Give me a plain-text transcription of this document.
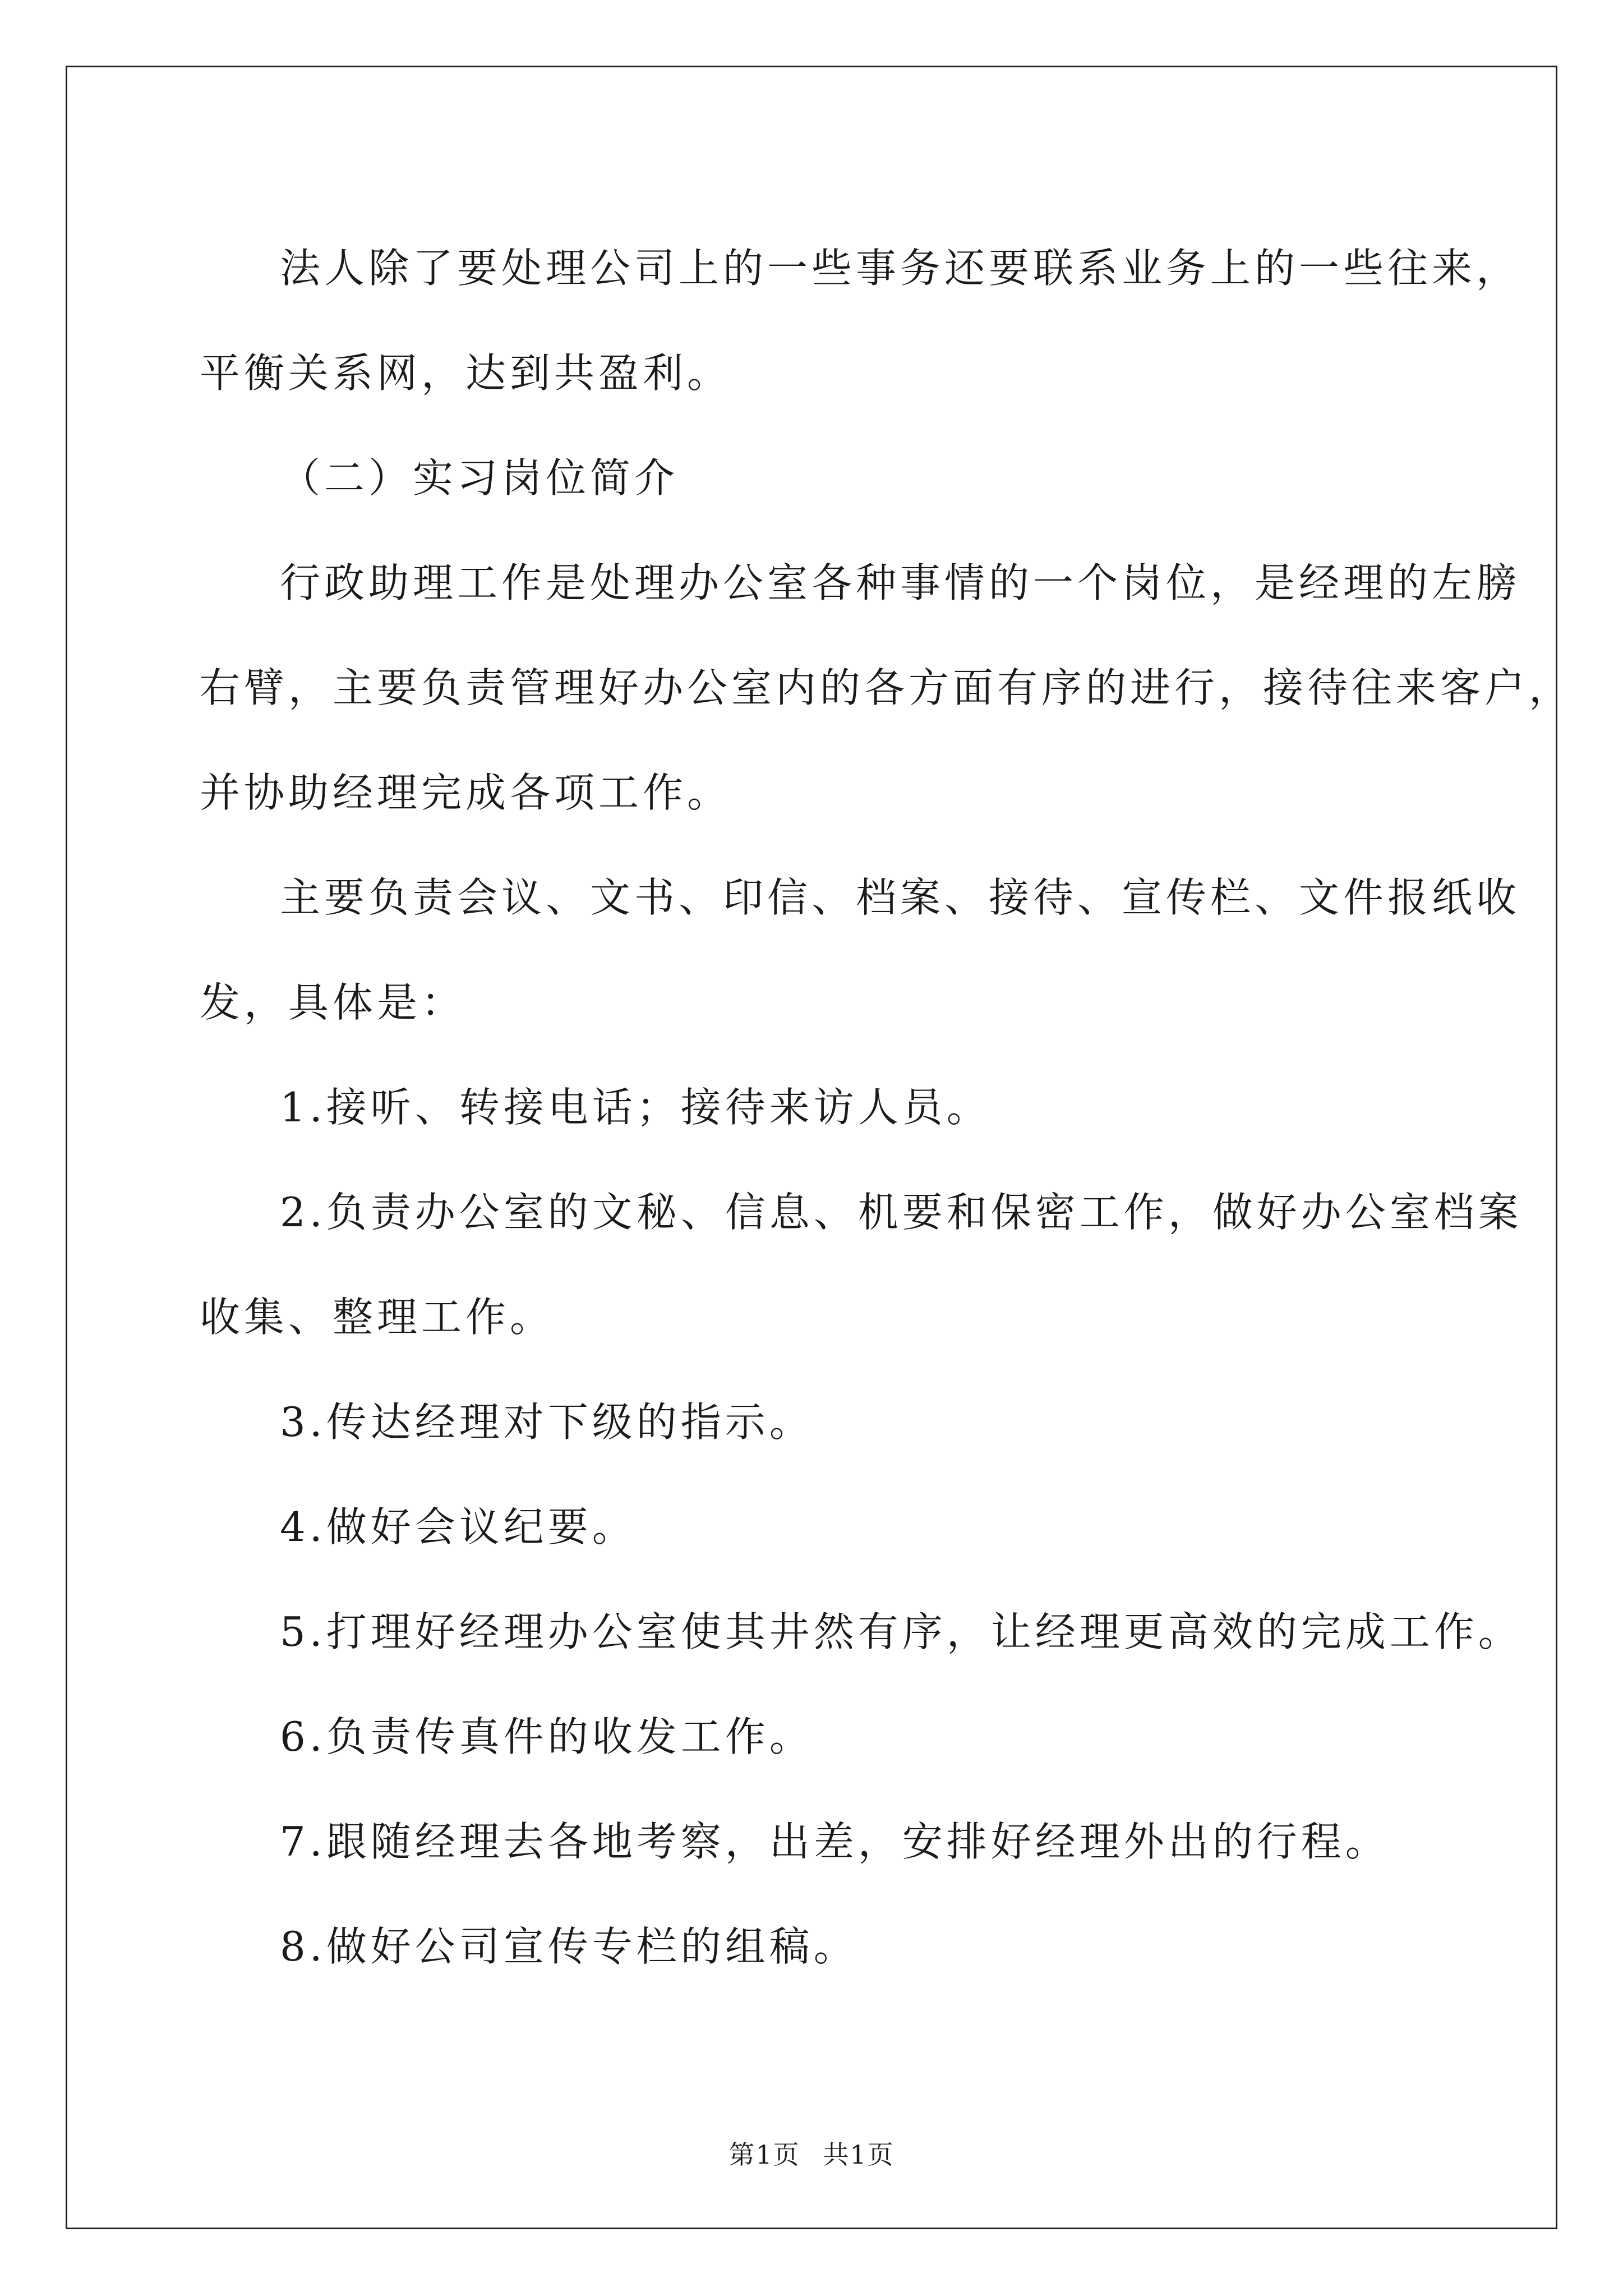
法人除了要处理公司上的一些事务还要联系业务上的一些往来，

平衡关系网，达到共盈利。

（二）实习岗位简介

行政助理工作是处理办公室各种事情的一个岗位，是经理的左膀

右臂，主要负责管理好办公室内的各方面有序的进行，接待往来客户，

并协助经理完成各项工作。

主要负责会议、文书、印信、档案、接待、宣传栏、文件报纸收

发，具体是：

1.接听、转接电话；接待来访人员。

2.负责办公室的文秘、信息、机要和保密工作，做好办公室档案

收集、整理工作。

3.传达经理对下级的指示。

4.做好会议纪要。

5.打理好经理办公室使其井然有序，让经理更高效的完成工作。

6.负责传真件的收发工作。

7.跟随经理去各地考察，出差，安排好经理外出的行程。

8.做好公司宣传专栏的组稿。

第1页 共1页
